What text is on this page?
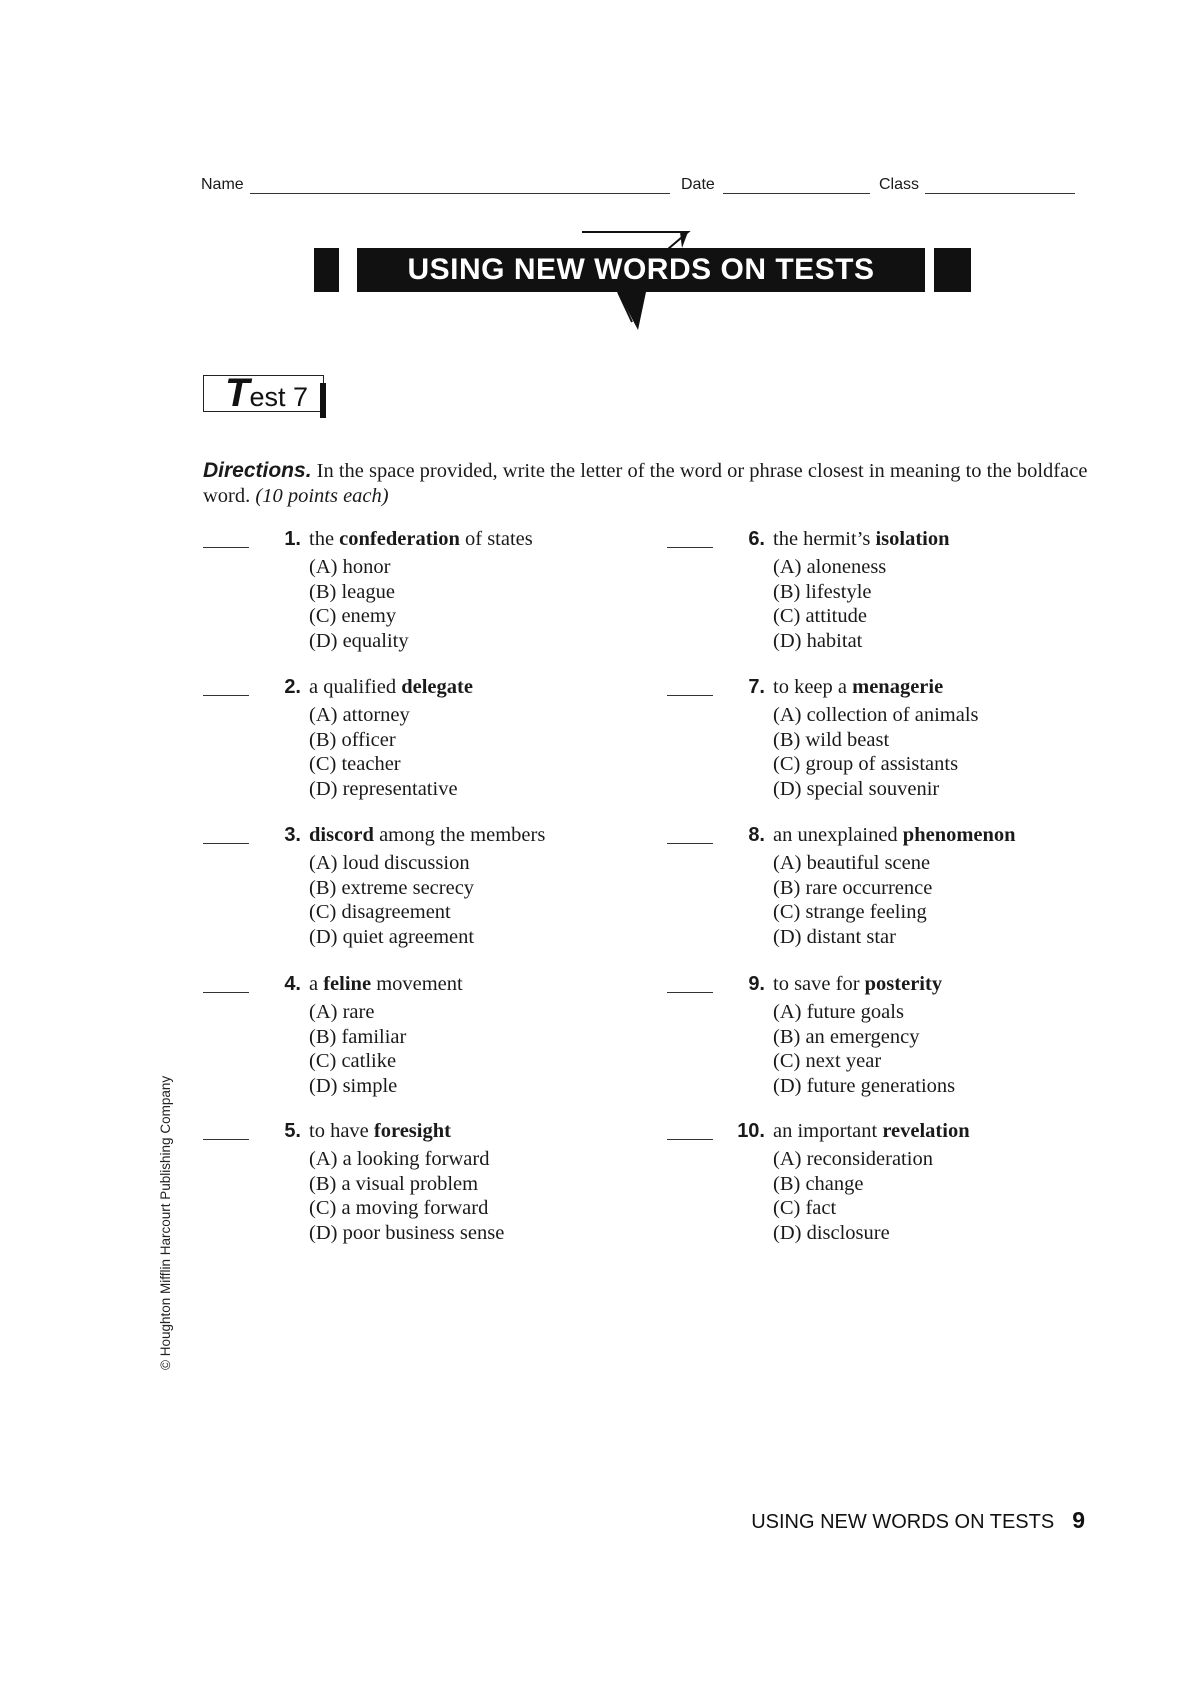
Name	Date	Class
USING NEW WORDS ON TESTS
Test 7
Directions. In the space provided, write the letter of the word or phrase closest in meaning to the boldface word. (10 points each)
1. the confederation of states
(A) honor
(B) league
(C) enemy
(D) equality
2. a qualified delegate
(A) attorney
(B) officer
(C) teacher
(D) representative
3. discord among the members
(A) loud discussion
(B) extreme secrecy
(C) disagreement
(D) quiet agreement
4. a feline movement
(A) rare
(B) familiar
(C) catlike
(D) simple
5. to have foresight
(A) a looking forward
(B) a visual problem
(C) a moving forward
(D) poor business sense
6. the hermit’s isolation
(A) aloneness
(B) lifestyle
(C) attitude
(D) habitat
7. to keep a menagerie
(A) collection of animals
(B) wild beast
(C) group of assistants
(D) special souvenir
8. an unexplained phenomenon
(A) beautiful scene
(B) rare occurrence
(C) strange feeling
(D) distant star
9. to save for posterity
(A) future goals
(B) an emergency
(C) next year
(D) future generations
10. an important revelation
(A) reconsideration
(B) change
(C) fact
(D) disclosure
© Houghton Mifflin Harcourt Publishing Company
USING NEW WORDS ON TESTS 9
